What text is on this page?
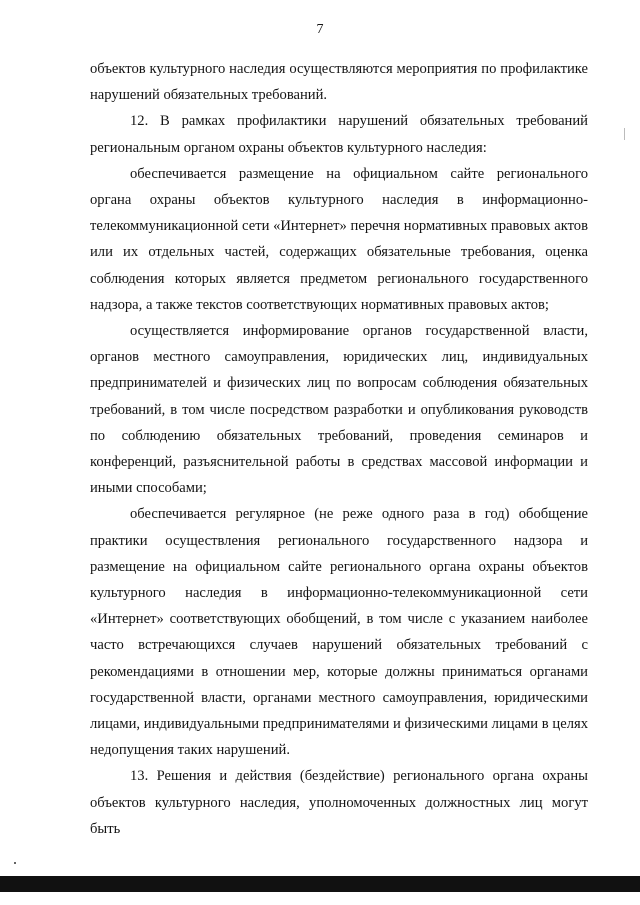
7

объектов культурного наследия осуществляются мероприятия по профилактике нарушений обязательных требований.

12. В рамках профилактики нарушений обязательных требований региональным органом охраны объектов культурного наследия:

обеспечивается размещение на официальном сайте регионального органа охраны объектов культурного наследия в информационно-телекоммуникационной сети «Интернет» перечня нормативных правовых актов или их отдельных частей, содержащих обязательные требования, оценка соблюдения которых является предметом регионального государственного надзора, а также текстов соответствующих нормативных правовых актов;

осуществляется информирование органов государственной власти, органов местного самоуправления, юридических лиц, индивидуальных предпринимателей и физических лиц по вопросам соблюдения обязательных требований, в том числе посредством разработки и опубликования руководств по соблюдению обязательных требований, проведения семинаров и конференций, разъяснительной работы в средствах массовой информации и иными способами;

обеспечивается регулярное (не реже одного раза в год) обобщение практики осуществления регионального государственного надзора и размещение на официальном сайте регионального органа охраны объектов культурного наследия в информационно-телекоммуникационной сети «Интернет» соответствующих обобщений, в том числе с указанием наиболее часто встречающихся случаев нарушений обязательных требований с рекомендациями в отношении мер, которые должны приниматься органами государственной власти, органами местного самоуправления, юридическими лицами, индивидуальными предпринимателями и физическими лицами в целях недопущения таких нарушений.

13. Решения и действия (бездействие) регионального органа охраны объектов культурного наследия, уполномоченных должностных лиц могут быть
